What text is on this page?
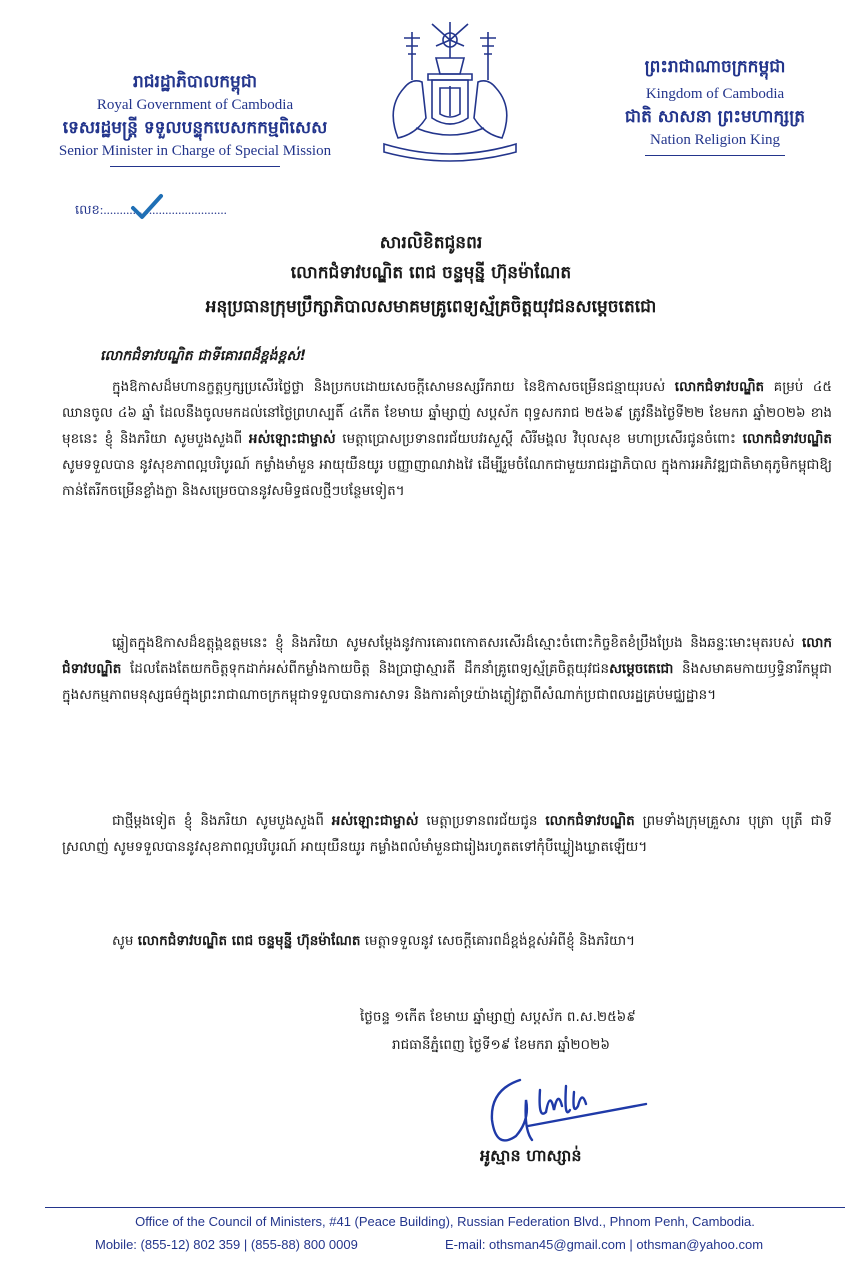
រាជរដ្ឋាភិបាលកម្ពុជា
Royal Government of Cambodia
ទេសរដ្ឋមន្រ្តី ទទួលបន្ទុកបេសកកម្មពិសេស
Senior Minister in Charge of Special Mission
លេខ:......................................
ព្រះរាជាណាចក្រកម្ពុជា
Kingdom of Cambodia
ជាតិ សាសនា ព្រះមហាក្សត្រ
Nation Religion King
សារលិខិតជូនពរ
លោកជំទាវបណ្ឌិត ពេជ ចន្ទមុន្នី ហ៊ុនម៉ាណែត
អនុប្រធានក្រុមប្រឹក្សាភិបាលសមាគមគ្រូពេទ្យស្ម័គ្រចិត្តយុវជនសម្តេចតេជោ
លោកជំទាវបណ្ឌិត ជាទីគោរពដ៏ខ្ពង់ខ្ពស់!
ក្នុងឱកាសដ៏មហានក្ខត្តឫក្សប្រសើរថ្លៃថ្លា និងប្រកបដោយសេចក្តីសោមនស្សរីករាយ នៃឱកាសចម្រើនជន្មាយុរបស់ លោកជំទាវបណ្ឌិត គម្រប់ ៤៥ ឈានចូល ៤៦ ឆ្នាំ ដែលនឹងចូលមកដល់នៅថ្ងៃព្រហស្បតិ៍ ៤កើត ខែមាឃ ឆ្នាំម្សាញ់ សប្តស័ក ពុទ្ធសករាជ ២៥៦៩ ត្រូវនឹងថ្ងៃទី២២ ខែមករា ឆ្នាំ២០២៦ ខាងមុខនេះ ខ្ញុំ និងភរិយា សូមបួងសួងពី អស់ឡោះជាម្ចាស់ មេត្តាប្រោសប្រទានពរជ័យបវរសួស្តី សិរីមង្គល វិបុលសុខ មហាប្រសើរជូនចំពោះ លោកជំទាវបណ្ឌិត សូមទទួលបាន នូវសុខភាពល្អបរិបូរណ៍ កម្លាំងមាំមួន អាយុយឺនយូរ បញ្ញាញាណវាងវៃ ដើម្បីរួមចំណែកជាមួយរាជរដ្ឋាភិបាល ក្នុងការអភិវឌ្ឍជាតិមាតុភូមិកម្ពុជាឱ្យកាន់តែរីកចម្រើនខ្លាំងក្លា និងសម្រេចបាននូវសមិទ្ធផលថ្មីៗបន្ថែមទៀត។
ឆ្លៀតក្នុងឱកាសដ៏ឧត្តុង្គឧត្តមនេះ ខ្ញុំ និងភរិយា សូមសម្តែងនូវការគោរពកោតសរសើរដ៏ស្មោះចំពោះកិច្ចខិតខំប្រឹងប្រែង និងឆន្ទៈមោះមុតរបស់ លោកជំទាវបណ្ឌិត ដែលតែងតែយកចិត្តទុកដាក់អស់ពីកម្លាំងកាយចិត្ត និងប្រាជ្ញាស្មារតី ដឹកនាំគ្រូពេទ្យស្ម័គ្រចិត្តយុវជនសម្តេចតេជោ និងសមាគមកាយឫទ្ធិនារីកម្ពុជា ក្នុងសកម្មភាពមនុស្សធម៌ក្នុងព្រះរាជាណាចក្រកម្ពុជាទទួលបានការសាទរ និងការគាំទ្រយ៉ាងភ្លៀវភ្លាពីសំណាក់ប្រជាពលរដ្ឋគ្រប់មជ្ឈដ្ឋាន។
ជាថ្មីម្តងទៀត ខ្ញុំ និងភរិយា សូមបួងសួងពី អស់ឡោះជាម្ចាស់ មេត្តាប្រទានពរជ័យជូន លោកជំទាវបណ្ឌិត ព្រមទាំងក្រុមគ្រួសារ បុត្រា បុត្រី ជាទីស្រលាញ់ សូមទទួលបាននូវសុខភាពល្អបរិបូរណ៍ អាយុយឺនយូរ កម្លាំងពលំមាំមួនជារៀងរហូតតទៅកុំបីឃ្លៀងឃ្លាតឡើយ។
សូម លោកជំទាវបណ្ឌិត ពេជ ចន្ទមុន្នី ហ៊ុនម៉ាណែត មេត្តាទទួលនូវ សេចក្តីគោរពដ៏ខ្ពង់ខ្ពស់អំពីខ្ញុំ និងភរិយា។
ថ្ងៃចន្ទ ១កើត ខែមាឃ ឆ្នាំម្សាញ់ សប្តស័ក ព.ស.២៥៦៩
រាជធានីភ្នំពេញ ថ្ងៃទី១៩ ខែមករា ឆ្នាំ២០២៦
អូស្មាន ហាស្សាន់
Office of the Council of Ministers, #41 (Peace Building), Russian Federation Blvd., Phnom Penh, Cambodia.
Mobile: (855-12) 802 359 | (855-88) 800 0009	E-mail: othsman45@gmail.com | othsman@yahoo.com
